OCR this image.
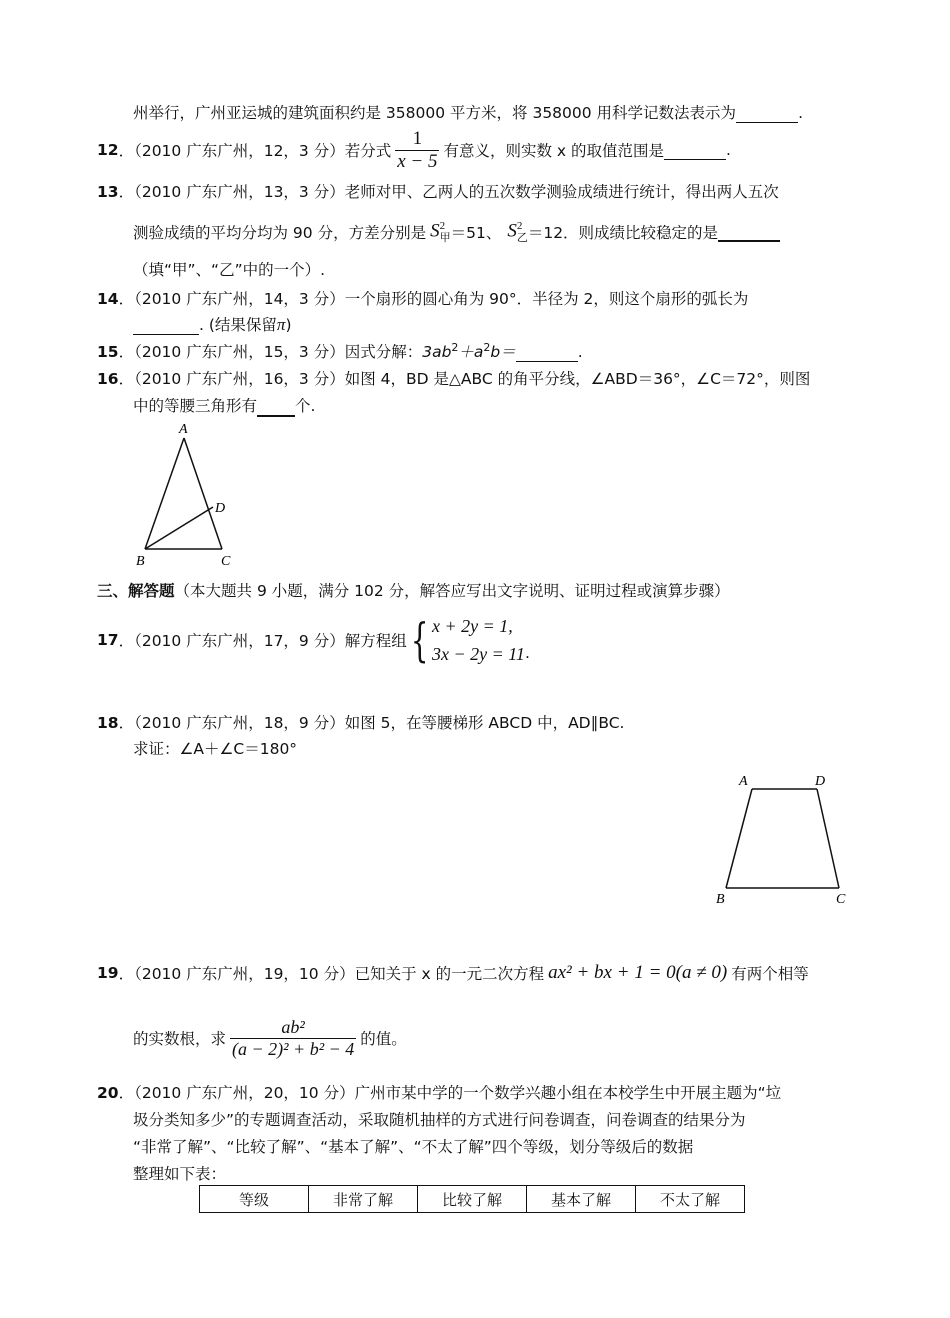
州举行，广州亚运城的建筑面积约是 358000 平方米，将 358000 用科学记数法表示为	.
12 ．（2010 广东广州，12，3 分）若分式 $\frac{1}{x - 5}$ 有意义，则实数 x 的取值范围是
	.
13．（2010 广东广州，13，3 分）老师对甲、乙两人的五次数学测验成绩进行统计，得出两人五次
测验成绩的平均分均为 90 分，方差分别是 S 2
甲 ＝51、 S 2
乙 ＝12．则成绩比较稳定的是

（填“甲”、“乙”中的一个）.
14．（2010 广东广州，14，3 分）一个扇形的圆心角为 90°．半径为 2，则这个扇形的弧长为
. (结果保留π)
15．（2010 广东广州，15，3 分）因式分解：$3ab^2+a^2b=$	.
16．（2010 广东广州，16，3 分）如图 4，BD 是△ABC 的角平分线，∠ABD＝36°，∠C＝72°，则图
中的等腰三角形有 个.
A
D
B	C
三、解答题（本大题共 9 小题，满分 102 分，解答应写出文字说明、证明过程或演算步骤）
17 ．（2010 广东广州，17，9 分）解方程组 { x + 2y = 1,
3x − 2y = 11 .
18．（2010 广东广州，18，9 分）如图 5，在等腰梯形 ABCD 中，AD∥BC.
求证：∠A＋∠C＝180°
A	D
B	C
19 ．（2010 广东广州，19，10 分）已知关于 x 的一元二次方程 ax² + bx + 1 = 0(a ≠ 0) 有两个相等
的实数根，求 $\frac{\text{ab²}}{\text{(a − 2)² + b² − 4}}$ 的值。
20．（2010 广东广州，20，10 分）广州市某中学的一个数学兴趣小组在本校学生中开展主题为“垃
圾分类知多少”的专题调查活动，采取随机抽样的方式进行问卷调查，问卷调查的结果分为
“非常了解”、“比较了解”、“基本了解”、“不太了解”四个等级，划分等级后的数据
整理如下表：
等级	非常了解	比较了解	基本了解	不太了解
